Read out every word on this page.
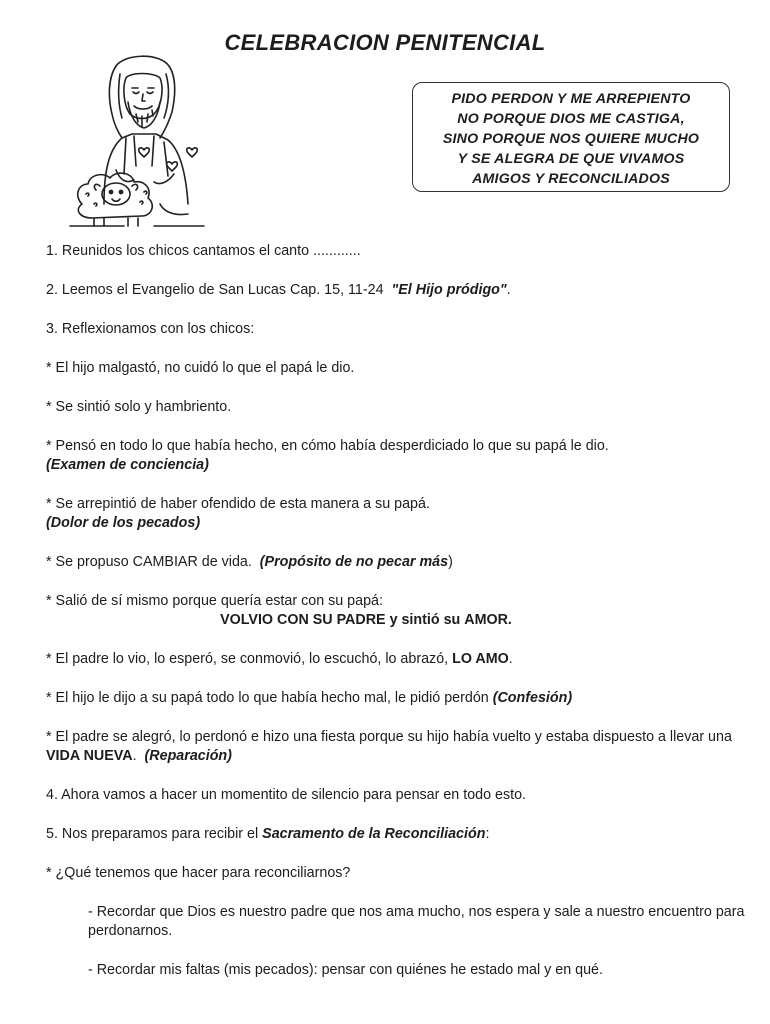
CELEBRACION PENITENCIAL
PIDO PERDON Y ME ARREPIENTO
NO PORQUE DIOS ME CASTIGA,
SINO PORQUE NOS QUIERE MUCHO
Y SE ALEGRA DE QUE VIVAMOS
AMIGOS Y RECONCILIADOS

1. Reunidos los chicos cantamos el canto ............

2. Leemos el Evangelio de San Lucas Cap. 15, 11-24 "El Hijo pródigo".

3. Reflexionamos con los chicos:

* El hijo malgastó, no cuidó lo que el papá le dio.

* Se sintió solo y hambriento.

* Pensó en todo lo que había hecho, en cómo había desperdiciado lo que su papá le dio.
(Examen de conciencia)

* Se arrepintió de haber ofendido de esta manera a su papá.
(Dolor de los pecados)

* Se propuso CAMBIAR de vida. (Propósito de no pecar más)

* Salió de sí mismo porque quería estar con su papá:

VOLVIO CON SU PADRE y sintió su AMOR.

* El padre lo vio, lo esperó, se conmovió, lo escuchó, lo abrazó, LO AMO.

* El hijo le dijo a su papá todo lo que había hecho mal, le pidió perdón (Confesión)

* El padre se alegró, lo perdonó e hizo una fiesta porque su hijo había vuelto y estaba dispuesto a llevar una VIDA NUEVA. (Reparación)

4. Ahora vamos a hacer un momentito de silencio para pensar en todo esto.

5. Nos preparamos para recibir el Sacramento de la Reconciliación:

* ¿Qué tenemos que hacer para reconciliarnos?

- Recordar que Dios es nuestro padre que nos ama mucho, nos espera y sale a nuestro encuentro para perdonarnos.

- Recordar mis faltas (mis pecados): pensar con quiénes he estado mal y en qué.
